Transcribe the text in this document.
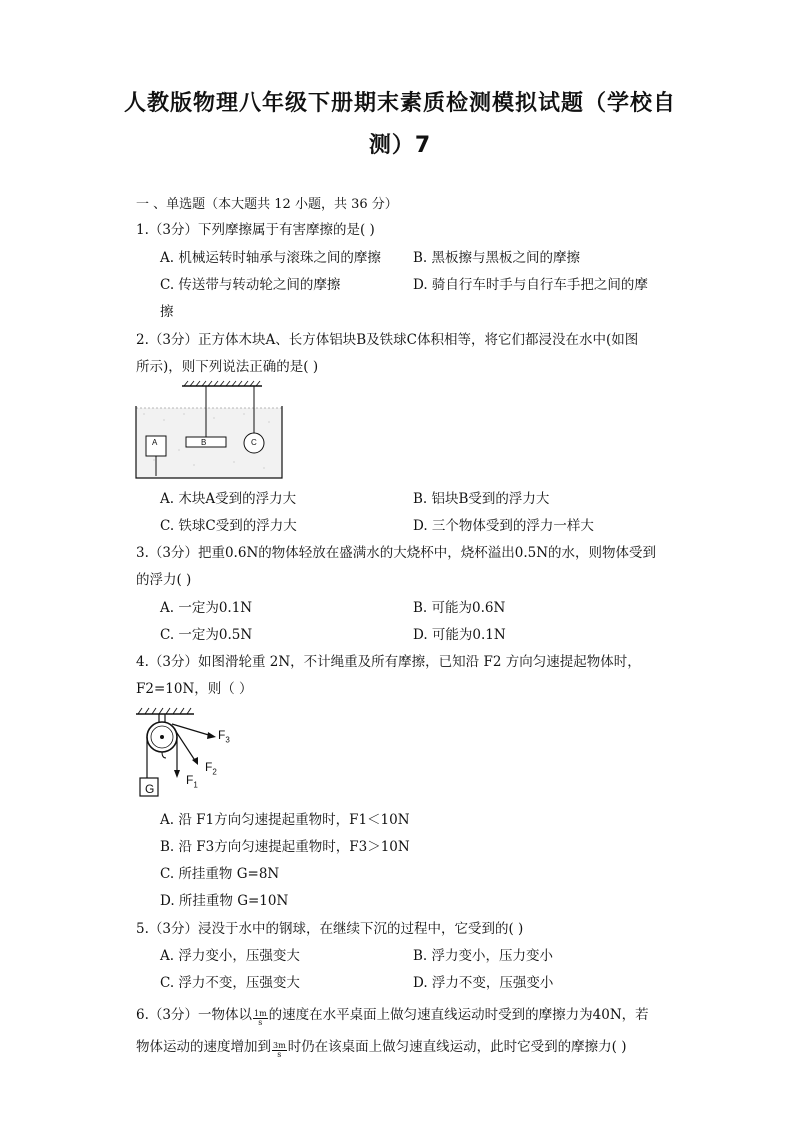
人教版物理八年级下册期末素质检测模拟试题（学校自
测）7
一 、单选题（本大题共 12 小题，共 36 分）
1.（3分）下列摩擦属于有害摩擦的是( )
A. 机械运转时轴承与滚珠之间的摩擦 B. 黑板擦与黑板之间的摩擦
C. 传送带与转动轮之间的摩擦	D. 骑自行车时手与自行车手把之间的摩
擦
2.（3分）正方体木块A、长方体铝块B及铁球C体积相等，将它们都浸没在水中(如图
所示)，则下列说法正确的是( )
A	B	C
A. 木块A受到的浮力大	B. 铝块B受到的浮力大
C. 铁球C受到的浮力大	D. 三个物体受到的浮力一样大
3.（3分）把重0.6N的物体轻放在盛满水的大烧杯中，烧杯溢出0.5N的水，则物体受到
的浮力( )
A. 一定为0.1N	B. 可能为0.6N
C. 一定为0.5N	D. 可能为0.1N
4.（3分）如图滑轮重 2N，不计绳重及所有摩擦，已知沿 F2 方向匀速提起物体时，
F2=10N，则（ ）
$F_3$
$F_2$
$F_1$
G
A. 沿 F1方向匀速提起重物时，F1＜10N
B. 沿 F3方向匀速提起重物时，F3＞10N
C. 所挂重物 G=8N
D. 所挂重物 G=10N
5.（3分）浸没于水中的钢球，在继续下沉的过程中，它受到的( )
A. 浮力变小，压强变大	B. 浮力变小，压力变小
C. 浮力不变，压强变大	D. 浮力不变，压强变小
6.（3分）一物体以 $\frac{1m}{s}$ 的速度在水平桌面上做匀速直线运动时受到的摩擦力为40N，若
物体运动的速度增加到 $\frac{3m}{s}$ 时仍在该桌面上做匀速直线运动，此时它受到的摩擦力( )
